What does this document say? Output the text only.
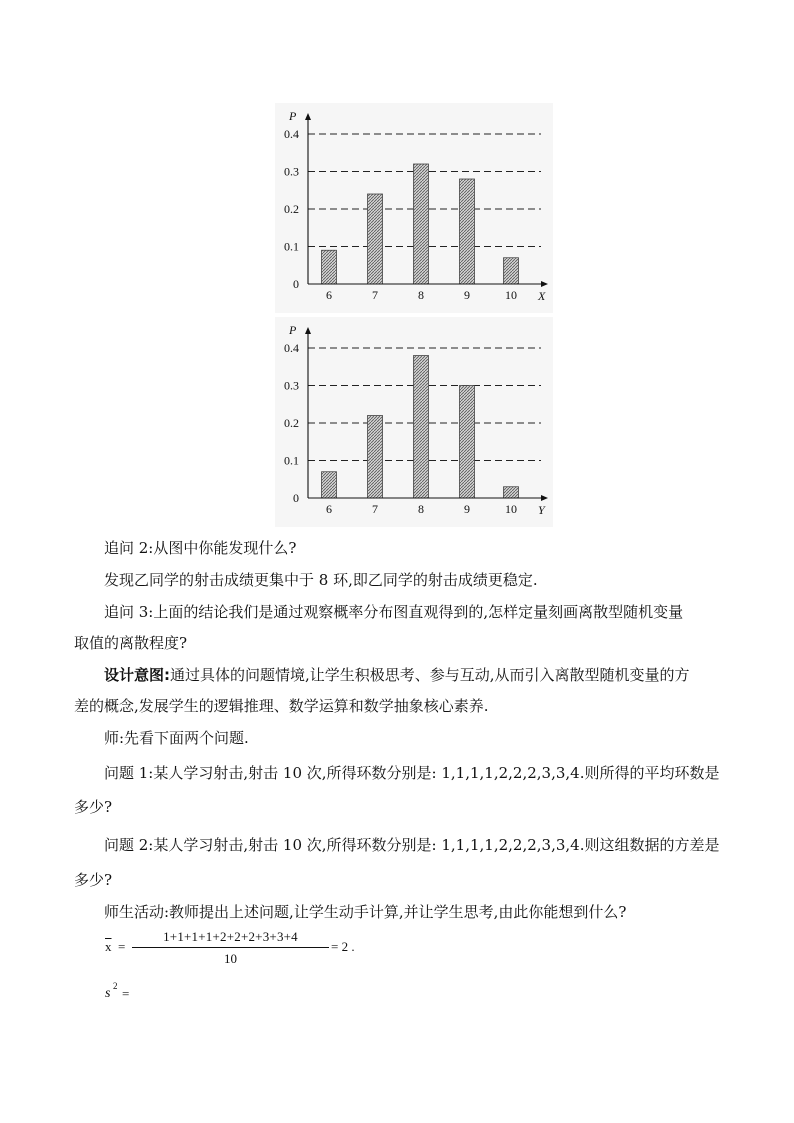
0
0.1
0.2
0.3
0.4
6	7	8	9	10 X
P
0
0.1
0.2
0.3
0.4
6	7	8	9	10 Y
P

追问 2:从图中你能发现什么?

发现乙同学的射击成绩更集中于 8 环,即乙同学的射击成绩更稳定.

追问 3:上面的结论我们是通过观察概率分布图直观得到的,怎样定量刻画离散型随机变量

取值的离散程度?

设计意图:通过具体的问题情境,让学生积极思考、参与互动,从而引入离散型随机变量的方

差的概念,发展学生的逻辑推理、数学运算和数学抽象核心素养.

师:先看下面两个问题.

问题 1:某人学习射击,射击 10 次,所得环数分别是: 1,1,1,1,2,2,2,3,3,4.则所得的平均环数是

多少?

问题 2:某人学习射击,射击 10 次,所得环数分别是: 1,1,1,1,2,2,2,3,3,4.则这组数据的方差是

多少?

师生活动:教师提出上述问题,让学生动手计算,并让学生思考,由此你能想到什么?

$\overline{x}$ =
1+1+1+1+2+2+2+3+3+4
10
= 2 .
s 2 =
